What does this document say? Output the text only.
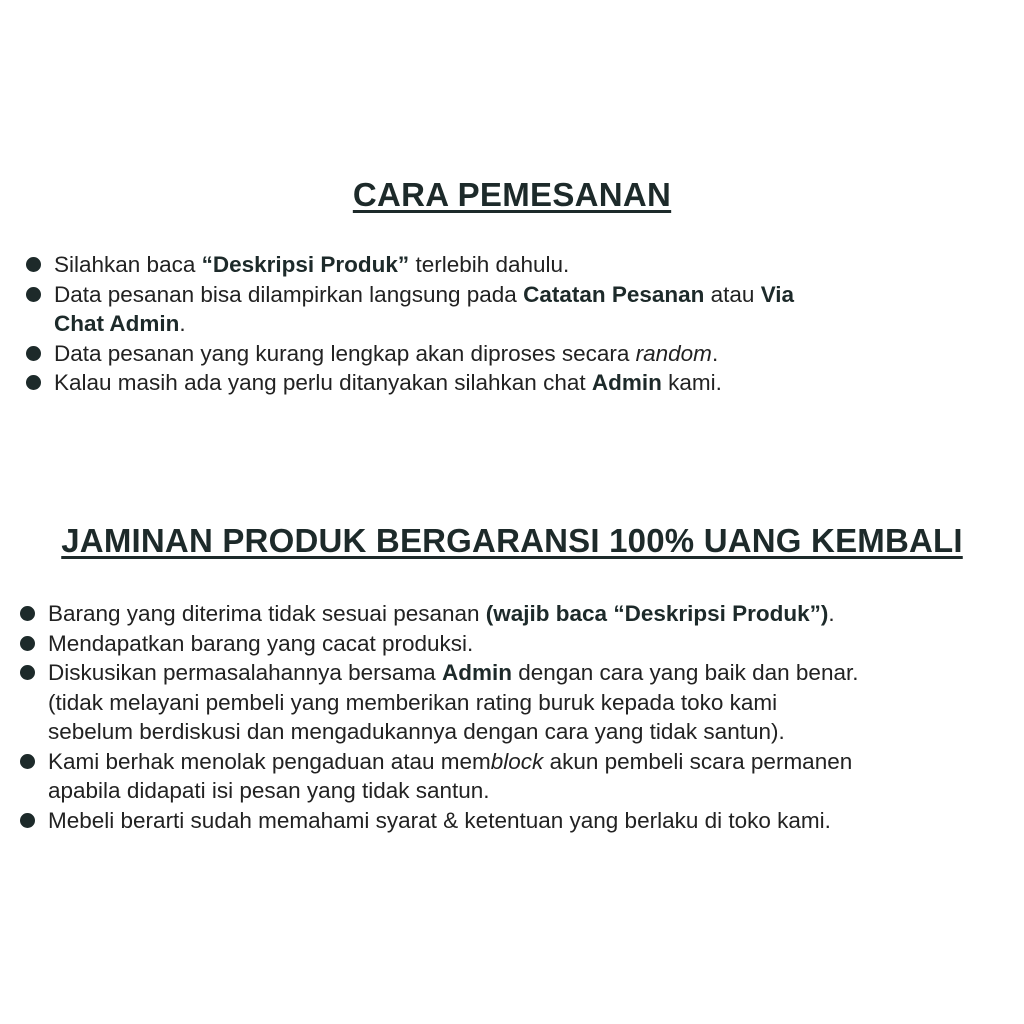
CARA PEMESANAN
Silahkan baca “Deskripsi Produk” terlebih dahulu.
Data pesanan bisa dilampirkan langsung pada Catatan Pesanan atau Via
Chat Admin.
Data pesanan yang kurang lengkap akan diproses secara random.
Kalau masih ada yang perlu ditanyakan silahkan chat Admin kami.
JAMINAN PRODUK BERGARANSI 100% UANG KEMBALI
Barang yang diterima tidak sesuai pesanan (wajib baca “Deskripsi Produk”).
Mendapatkan barang yang cacat produksi.
Diskusikan permasalahannya bersama Admin dengan cara yang baik dan benar.
(tidak melayani pembeli yang memberikan rating buruk kepada toko kami
sebelum berdiskusi dan mengadukannya dengan cara yang tidak santun).
Kami berhak menolak pengaduan atau memblock akun pembeli scara permanen
apabila didapati isi pesan yang tidak santun.
Mebeli berarti sudah memahami syarat & ketentuan yang berlaku di toko kami.
